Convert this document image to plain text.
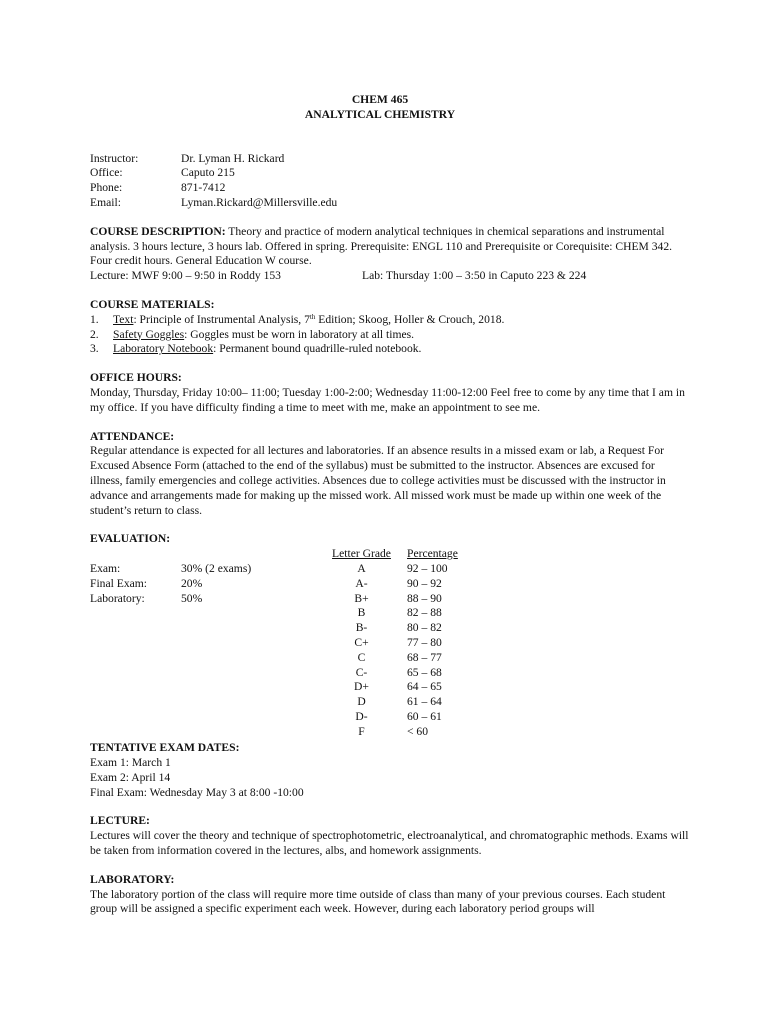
CHEM 465
ANALYTICAL CHEMISTRY
Instructor:	Dr. Lyman H. Rickard
Office:	Caputo 215
Phone:	871-7412
Email:	Lyman.Rickard@Millersville.edu
COURSE DESCRIPTION: Theory and practice of modern analytical techniques in chemical separations and instrumental analysis. 3 hours lecture, 3 hours lab. Offered in spring. Prerequisite: ENGL 110 and Prerequisite or Corequisite: CHEM 342. Four credit hours. General Education W course.
Lecture: MWF 9:00 – 9:50 in Roddy 153	Lab: Thursday 1:00 – 3:50 in Caputo 223 & 224
COURSE MATERIALS:
1.	Text: Principle of Instrumental Analysis, 7th Edition; Skoog, Holler & Crouch, 2018.
2.	Safety Goggles: Goggles must be worn in laboratory at all times.
3.	Laboratory Notebook: Permanent bound quadrille-ruled notebook.
OFFICE HOURS:
Monday, Thursday, Friday 10:00– 11:00; Tuesday 1:00-2:00; Wednesday 11:00-12:00 Feel free to come by any time that I am in my office. If you have difficulty finding a time to meet with me, make an appointment to see me.
ATTENDANCE:
Regular attendance is expected for all lectures and laboratories. If an absence results in a missed exam or lab, a Request For Excused Absence Form (attached to the end of the syllabus) must be submitted to the instructor. Absences are excused for illness, family emergencies and college activities. Absences due to college activities must be discussed with the instructor in advance and arrangements made for making up the missed work. All missed work must be made up within one week of the student’s return to class.
EVALUATION:
Exam:	30% (2 exams)
Final Exam:	20%
Laboratory:	50%
Letter Grade	Percentage
A	92 – 100
A-	90 – 92
B+	88 – 90
B	82 – 88
B-	80 – 82
C+	77 – 80
C	68 – 77
C-	65 – 68
D+	64 – 65
D	61 – 64
D-	60 – 61
F	< 60
TENTATIVE EXAM DATES:
Exam 1: March 1
Exam 2: April 14
Final Exam: Wednesday May 3 at 8:00 -10:00
LECTURE:
Lectures will cover the theory and technique of spectrophotometric, electroanalytical, and chromatographic methods. Exams will be taken from information covered in the lectures, albs, and homework assignments.
LABORATORY:
The laboratory portion of the class will require more time outside of class than many of your previous courses. Each student group will be assigned a specific experiment each week. However, during each laboratory period groups will
